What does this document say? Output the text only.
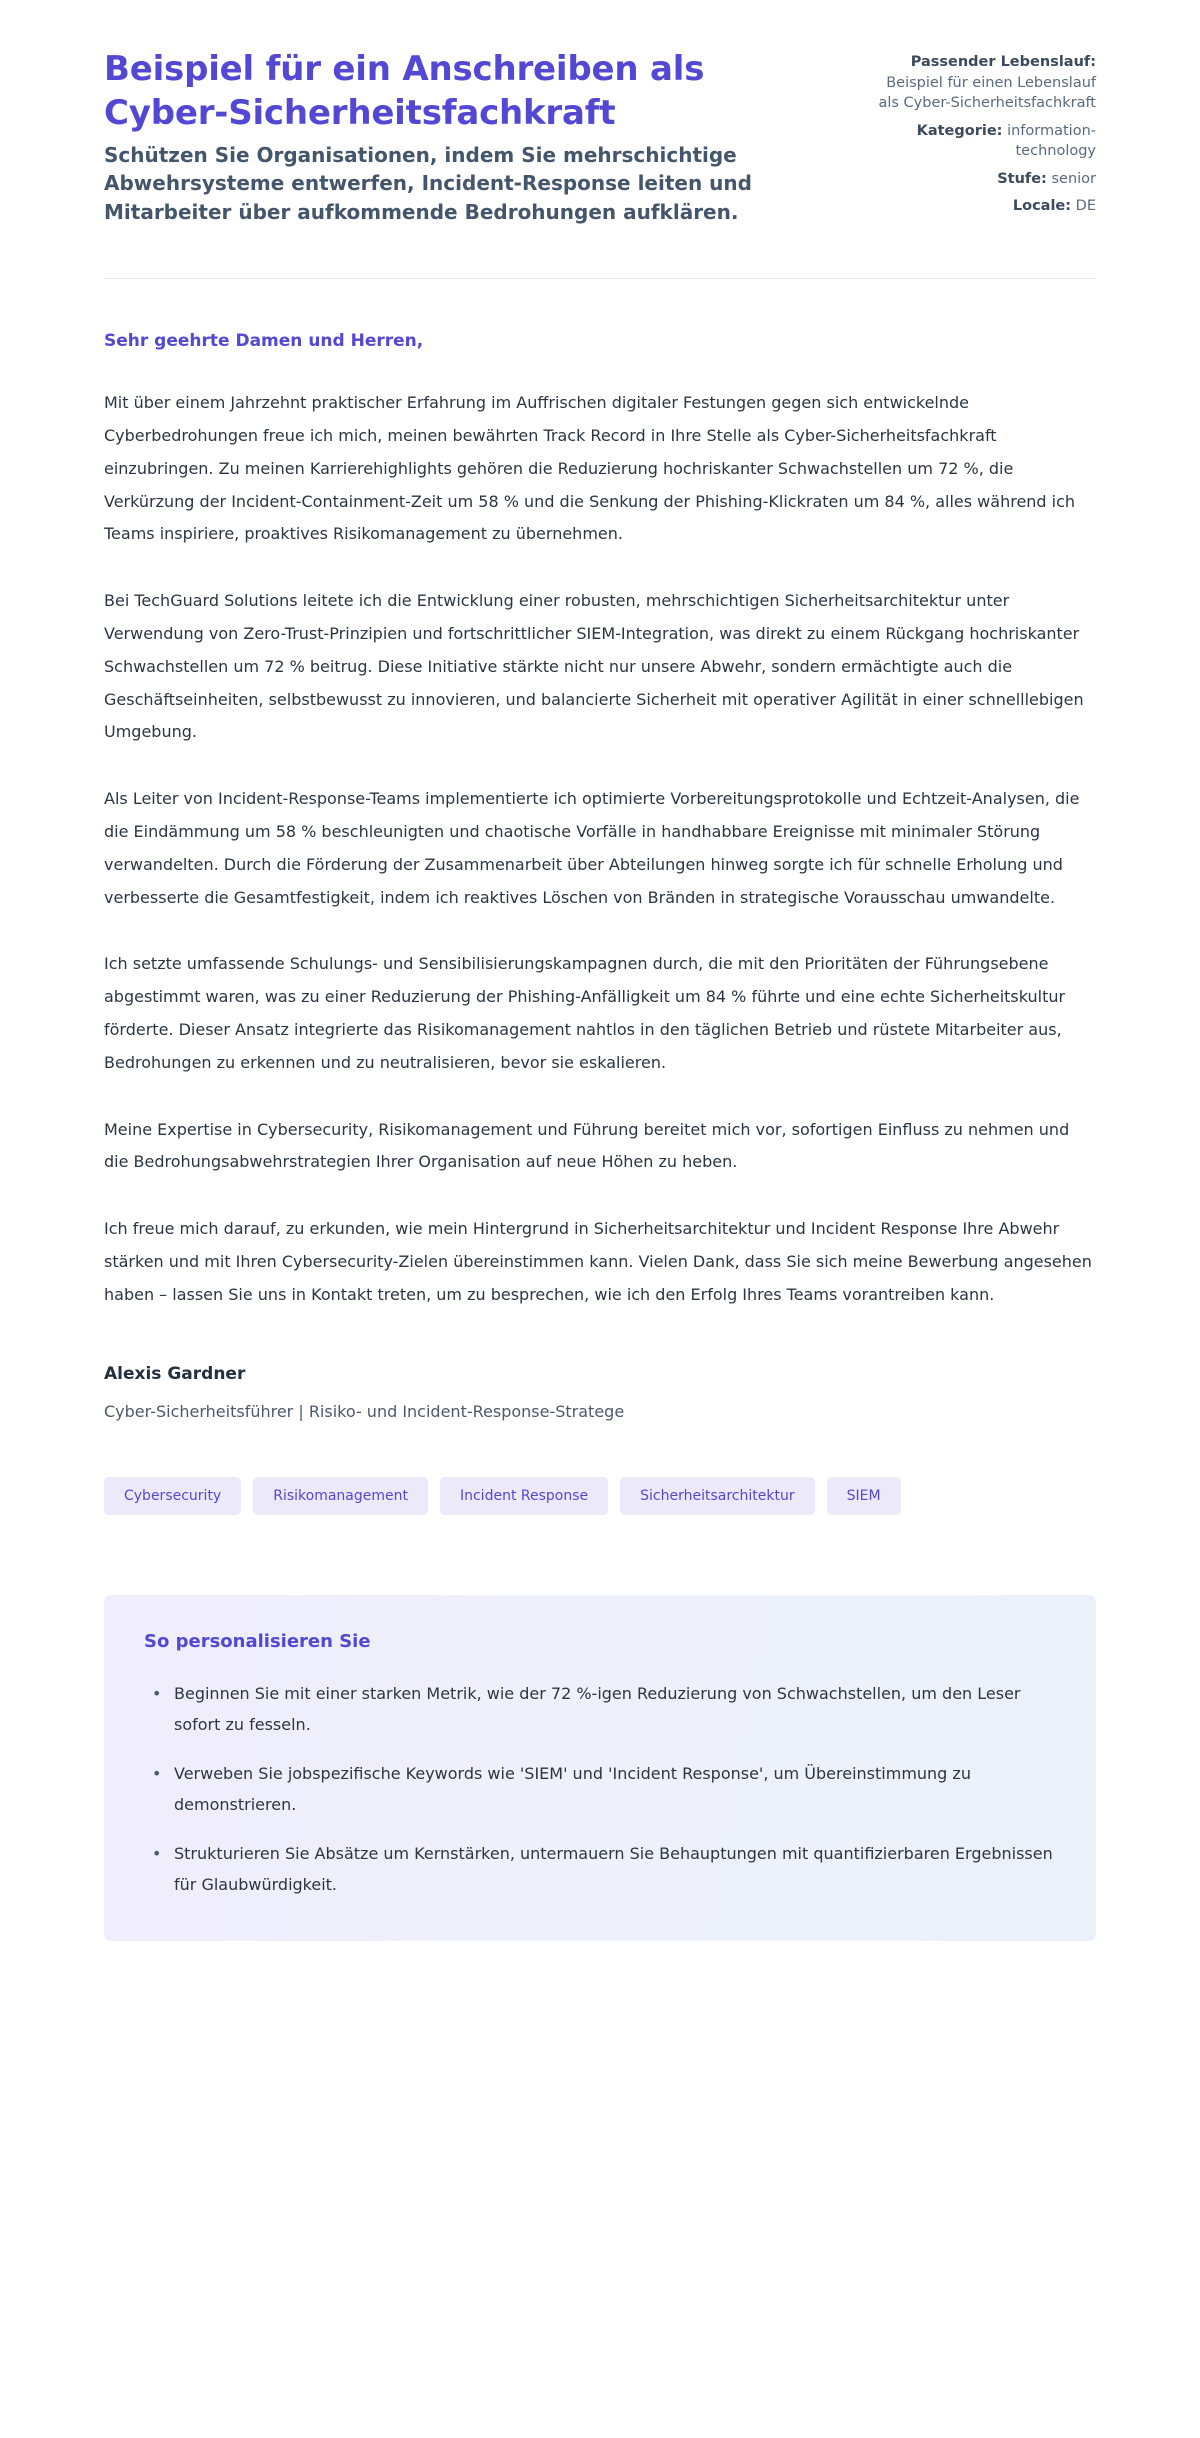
Beispiel für ein Anschreiben als Cyber-Sicherheitsfachkraft

Schützen Sie Organisationen, indem Sie mehrschichtige Abwehrsysteme entwerfen, Incident-Response leiten und Mitarbeiter über aufkommende Bedrohungen aufklären.

Passender Lebenslauf: Beispiel für einen Lebenslauf als Cyber-Sicherheitsfachkraft
Kategorie: information-technology
Stufe: senior
Locale: DE

Sehr geehrte Damen und Herren,

Mit über einem Jahrzehnt praktischer Erfahrung im Auffrischen digitaler Festungen gegen sich entwickelnde Cyberbedrohungen freue ich mich, meinen bewährten Track Record in Ihre Stelle als Cyber-Sicherheitsfachkraft einzubringen. Zu meinen Karrierehighlights gehören die Reduzierung hochriskanter Schwachstellen um 72 %, die Verkürzung der Incident-Containment-Zeit um 58 % und die Senkung der Phishing-Klickraten um 84 %, alles während ich Teams inspiriere, proaktives Risikomanagement zu übernehmen.

Bei TechGuard Solutions leitete ich die Entwicklung einer robusten, mehrschichtigen Sicherheitsarchitektur unter Verwendung von Zero-Trust-Prinzipien und fortschrittlicher SIEM-Integration, was direkt zu einem Rückgang hochriskanter Schwachstellen um 72 % beitrug. Diese Initiative stärkte nicht nur unsere Abwehr, sondern ermächtigte auch die Geschäftseinheiten, selbstbewusst zu innovieren, und balancierte Sicherheit mit operativer Agilität in einer schnelllebigen Umgebung.

Als Leiter von Incident-Response-Teams implementierte ich optimierte Vorbereitungsprotokolle und Echtzeit-Analysen, die die Eindämmung um 58 % beschleunigten und chaotische Vorfälle in handhabbare Ereignisse mit minimaler Störung verwandelten. Durch die Förderung der Zusammenarbeit über Abteilungen hinweg sorgte ich für schnelle Erholung und verbesserte die Gesamtfestigkeit, indem ich reaktives Löschen von Bränden in strategische Vorausschau umwandelte.

Ich setzte umfassende Schulungs- und Sensibilisierungskampagnen durch, die mit den Prioritäten der Führungsebene abgestimmt waren, was zu einer Reduzierung der Phishing-Anfälligkeit um 84 % führte und eine echte Sicherheitskultur förderte. Dieser Ansatz integrierte das Risikomanagement nahtlos in den täglichen Betrieb und rüstete Mitarbeiter aus, Bedrohungen zu erkennen und zu neutralisieren, bevor sie eskalieren.

Meine Expertise in Cybersecurity, Risikomanagement und Führung bereitet mich vor, sofortigen Einfluss zu nehmen und die Bedrohungsabwehrstrategien Ihrer Organisation auf neue Höhen zu heben.

Ich freue mich darauf, zu erkunden, wie mein Hintergrund in Sicherheitsarchitektur und Incident Response Ihre Abwehr stärken und mit Ihren Cybersecurity-Zielen übereinstimmen kann. Vielen Dank, dass Sie sich meine Bewerbung angesehen haben – lassen Sie uns in Kontakt treten, um zu besprechen, wie ich den Erfolg Ihres Teams vorantreiben kann.

Alexis Gardner
Cyber-Sicherheitsführer | Risiko- und Incident-Response-Stratege
Cybersecurity	Risikomanagement	Incident Response	Sicherheitsarchitektur	SIEM
So personalisieren Sie
• Beginnen Sie mit einer starken Metrik, wie der 72 %-igen Reduzierung von Schwachstellen, um den Leser sofort zu fesseln.
• Verweben Sie jobspezifische Keywords wie 'SIEM' und 'Incident Response', um Übereinstimmung zu demonstrieren.
• Strukturieren Sie Absätze um Kernstärken, untermauern Sie Behauptungen mit quantifizierbaren Ergebnissen für Glaubwürdigkeit.
